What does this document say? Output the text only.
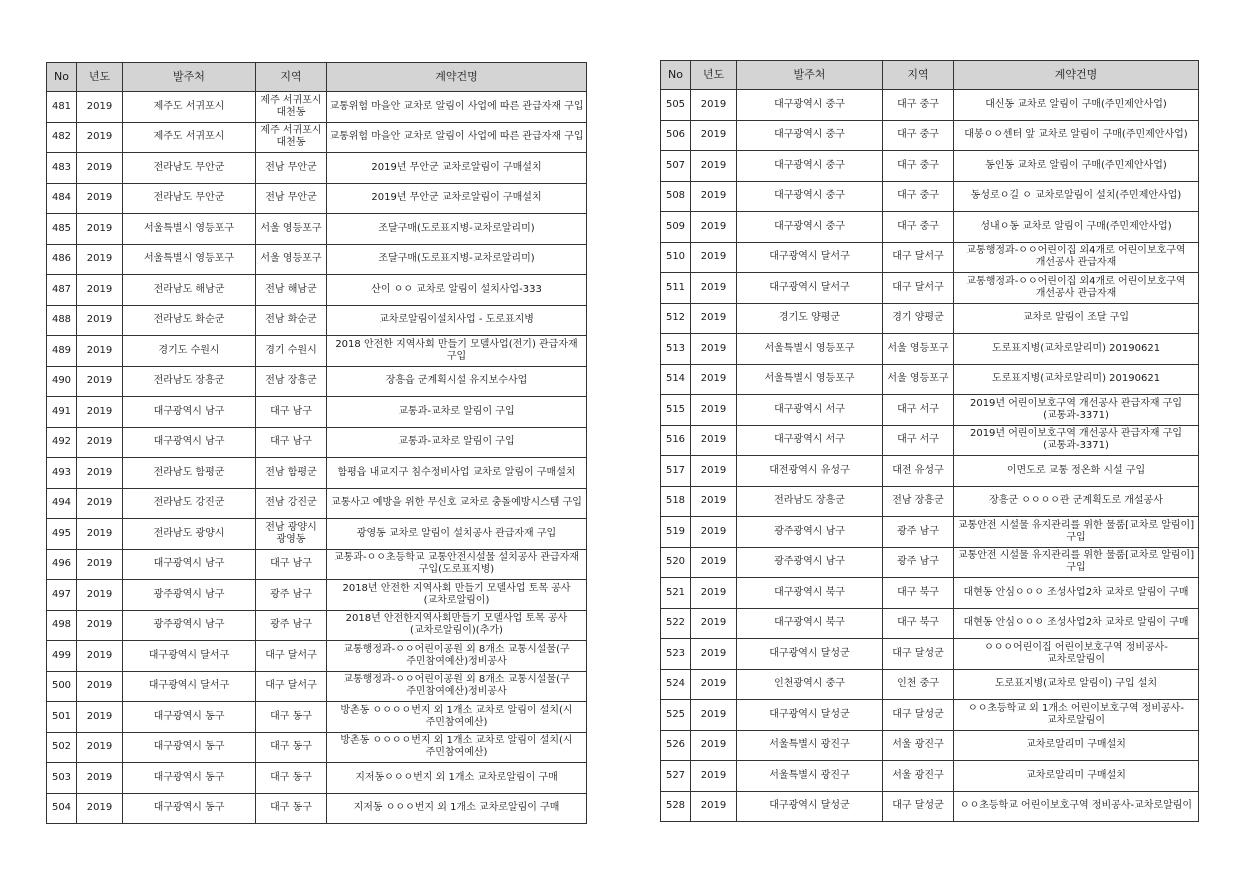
No	년도	발주처	지역	계약건명
481	2019	제주도 서귀포시	제주 서귀포시 대천동	교통위험 마을안 교차로 알림이 사업에 따른 관급자재 구입
482	2019	제주도 서귀포시	제주 서귀포시 대천동	교통위험 마을안 교차로 알림이 사업에 따른 관급자재 구입
483	2019	전라남도 무안군	전남 무안군	2019년 무안군 교차로알림이 구매설치
484	2019	전라남도 무안군	전남 무안군	2019년 무안군 교차로알림이 구매설치
485	2019	서울특별시 영등포구	서울 영등포구	조달구매(도로표지병-교차로알리미)
486	2019	서울특별시 영등포구	서울 영등포구	조달구매(도로표지병-교차로알리미)
487	2019	전라남도 해남군	전남 해남군	산이 ㅇㅇ 교차로 알림이 설치사업-333
488	2019	전라남도 화순군	전남 화순군	교차로알림이설치사업 - 도로표지병
489	2019	경기도 수원시	경기 수원시	2018 안전한 지역사회 만들기 모델사업(전기) 관급자재 구입
490	2019	전라남도 장흥군	전남 장흥군	장흥읍 군계획시설 유지보수사업
491	2019	대구광역시 남구	대구 남구	교통과-교차로 알림이 구입
492	2019	대구광역시 남구	대구 남구	교통과-교차로 알림이 구입
493	2019	전라남도 함평군	전남 함평군	함평읍 내교지구 침수정비사업 교차로 알림이 구매설치
494	2019	전라남도 강진군	전남 강진군	교통사고 예방을 위한 무신호 교차로 충돌예방시스템 구입
495	2019	전라남도 광양시	전남 광양시 광영동	광영동 교차로 알림이 설치공사 관급자재 구입
496	2019	대구광역시 남구	대구 남구	교통과-ㅇㅇ초등학교 교통안전시설물 설치공사 관급자재 구입(도로표지병)
497	2019	광주광역시 남구	광주 남구	2018년 안전한 지역사회 만들기 모델사업 토목 공사(교차로알림이)
498	2019	광주광역시 남구	광주 남구	2018년 안전한지역사회만들기 모델사업 토목 공사(교차로알림이)(추가)
499	2019	대구광역시 달서구	대구 달서구	교통행정과-ㅇㅇ어린이공원 외 8개소 교통시설물(구 주민참여예산)정비공사
500	2019	대구광역시 달서구	대구 달서구	교통행정과-ㅇㅇ어린이공원 외 8개소 교통시설물(구 주민참여예산)정비공사
501	2019	대구광역시 동구	대구 동구	방촌동 ㅇㅇㅇㅇ번지 외 1개소 교차로 알림이 설치(시 주민참여예산)
502	2019	대구광역시 동구	대구 동구	방촌동 ㅇㅇㅇㅇ번지 외 1개소 교차로 알림이 설치(시 주민참여예산)
503	2019	대구광역시 동구	대구 동구	지저동ㅇㅇㅇ번지 외 1개소 교차로알림이 구매
504	2019	대구광역시 동구	대구 동구	지저동 ㅇㅇㅇ번지 외 1개소 교차로알림이 구매
No	년도	발주처	지역	계약건명
505	2019	대구광역시 중구	대구 중구	대신동 교차로 알림이 구매(주민제안사업)
506	2019	대구광역시 중구	대구 중구	대봉ㅇㅇ센터 앞 교차로 알림이 구매(주민제안사업)
507	2019	대구광역시 중구	대구 중구	동인동 교차로 알림이 구매(주민제안사업)
508	2019	대구광역시 중구	대구 중구	동성로ㅇ길 ㅇ 교차로알림이 설치(주민제안사업)
509	2019	대구광역시 중구	대구 중구	성내ㅇ동 교차로 알림이 구매(주민제안사업)
510	2019	대구광역시 달서구	대구 달서구	교통행정과-ㅇㅇ어린이집 외4개로 어린이보호구역 개선공사 관급자재
511	2019	대구광역시 달서구	대구 달서구	교통행정과-ㅇㅇ어린이집 외4개로 어린이보호구역 개선공사 관급자재
512	2019	경기도 양평군	경기 양평군	교차로 알림이 조달 구입
513	2019	서울특별시 영등포구	서울 영등포구	도로표지병(교차로알리미) 20190621
514	2019	서울특별시 영등포구	서울 영등포구	도로표지병(교차로알리미) 20190621
515	2019	대구광역시 서구	대구 서구	2019년 어린이보호구역 개선공사 관급자재 구입(교통과-3371)
516	2019	대구광역시 서구	대구 서구	2019년 어린이보호구역 개선공사 관급자재 구입(교통과-3371)
517	2019	대전광역시 유성구	대전 유성구	이면도로 교통 정온화 시설 구입
518	2019	전라남도 장흥군	전남 장흥군	장흥군 ㅇㅇㅇㅇ관 군계획도로 개설공사
519	2019	광주광역시 남구	광주 남구	교통안전 시설물 유지관리를 위한 물품[교차로 알림이] 구입
520	2019	광주광역시 남구	광주 남구	교통안전 시설물 유지관리를 위한 물품[교차로 알림이] 구입
521	2019	대구광역시 북구	대구 북구	대현동 안심ㅇㅇㅇ 조성사업2차 교차로 알림이 구매
522	2019	대구광역시 북구	대구 북구	대현동 안심ㅇㅇㅇ 조성사업2차 교차로 알림이 구매
523	2019	대구광역시 달성군	대구 달성군	ㅇㅇㅇ어린이집 어린이보호구역 정비공사-교차로알림이
524	2019	인천광역시 중구	인천 중구	도로표지병(교차로 알림이) 구입 설치
525	2019	대구광역시 달성군	대구 달성군	ㅇㅇ초등학교 외 1개소 어린이보호구역 정비공사-교차로알림이
526	2019	서울특별시 광진구	서울 광진구	교차로알리미 구매설치
527	2019	서울특별시 광진구	서울 광진구	교차로알리미 구매설치
528	2019	대구광역시 달성군	대구 달성군	ㅇㅇ초등학교 어린이보호구역 정비공사-교차로알림이
